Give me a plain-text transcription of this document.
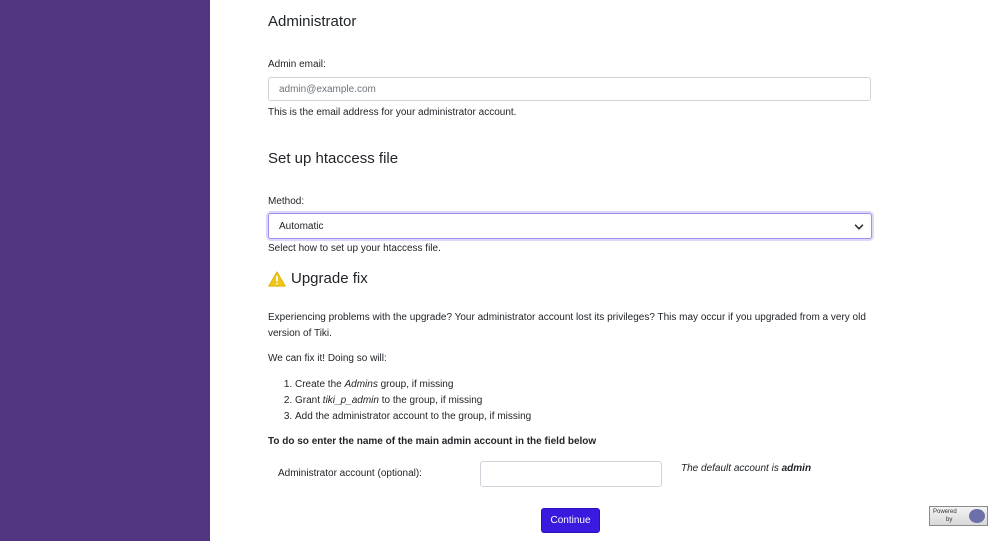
Administrator
Admin email:
admin@example.com
This is the email address for your administrator account.
Set up htaccess file
Method:
Automatic
Select how to set up your htaccess file.
Upgrade fix
Experiencing problems with the upgrade? Your administrator account lost its privileges? This may occur if you upgraded from a very old version of Tiki.
We can fix it! Doing so will:
1. Create the Admins group, if missing
2. Grant tiki_p_admin to the group, if missing
3. Add the administrator account to the group, if missing
To do so enter the name of the main admin account in the field below
Administrator account (optional):	The default account is admin
Continue
Powered
by
